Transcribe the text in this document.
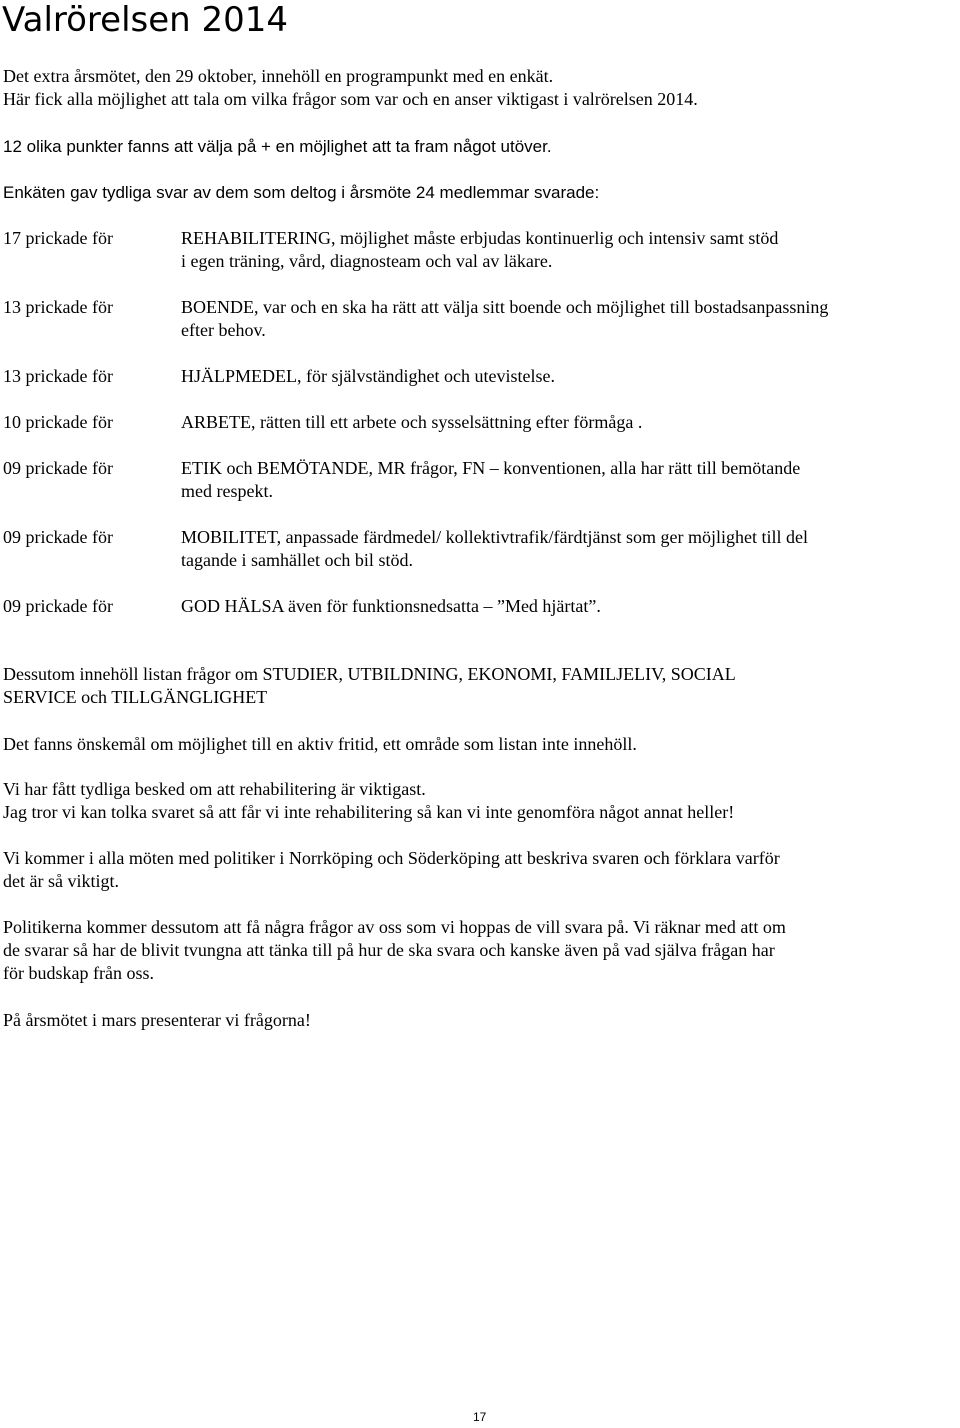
Valrörelsen 2014
Det extra årsmötet, den 29 oktober, innehöll en programpunkt med en enkät.
Här fick alla möjlighet att tala om vilka frågor som var och en anser viktigast i valrörelsen 2014.
12 olika punkter fanns att välja på + en möjlighet att ta fram något utöver.
Enkäten gav tydliga svar av dem som deltog i årsmöte 24 medlemmar svarade:
17 prickade för	REHABILITERING, möjlighet måste erbjudas kontinuerlig och intensiv samt stöd
i egen träning, vård, diagnosteam och val av läkare.
13 prickade för	BOENDE, var och en ska ha rätt att välja sitt boende och möjlighet till bostadsanpassning
efter behov.
13 prickade för	HJÄLPMEDEL, för självständighet och utevistelse.
10 prickade för	ARBETE, rätten till ett arbete och sysselsättning efter förmåga .
09 prickade för	ETIK och BEMÖTANDE, MR frågor, FN – konventionen, alla har rätt till bemötande
med respekt.
09 prickade för	MOBILITET, anpassade färdmedel/ kollektivtrafik/färdtjänst som ger möjlighet till del
tagande i samhället och bil stöd.
09 prickade för	GOD HÄLSA även för funktionsnedsatta – ”Med hjärtat”.
Dessutom innehöll listan frågor om STUDIER, UTBILDNING, EKONOMI, FAMILJELIV, SOCIAL
SERVICE och TILLGÄNGLIGHET
Det fanns önskemål om möjlighet till en aktiv fritid, ett område som listan inte innehöll.
Vi har fått tydliga besked om att rehabilitering är viktigast.
Jag tror vi kan tolka svaret så att får vi inte rehabilitering så kan vi inte genomföra något annat heller!
Vi kommer i alla möten med politiker i Norrköping och Söderköping att beskriva svaren och förklara varför
det är så viktigt.
Politikerna kommer dessutom att få några frågor av oss som vi hoppas de vill svara på. Vi räknar med att om
de svarar så har de blivit tvungna att tänka till på hur de ska svara och kanske även på vad själva frågan har
för budskap från oss.
På årsmötet i mars presenterar vi frågorna!
17
